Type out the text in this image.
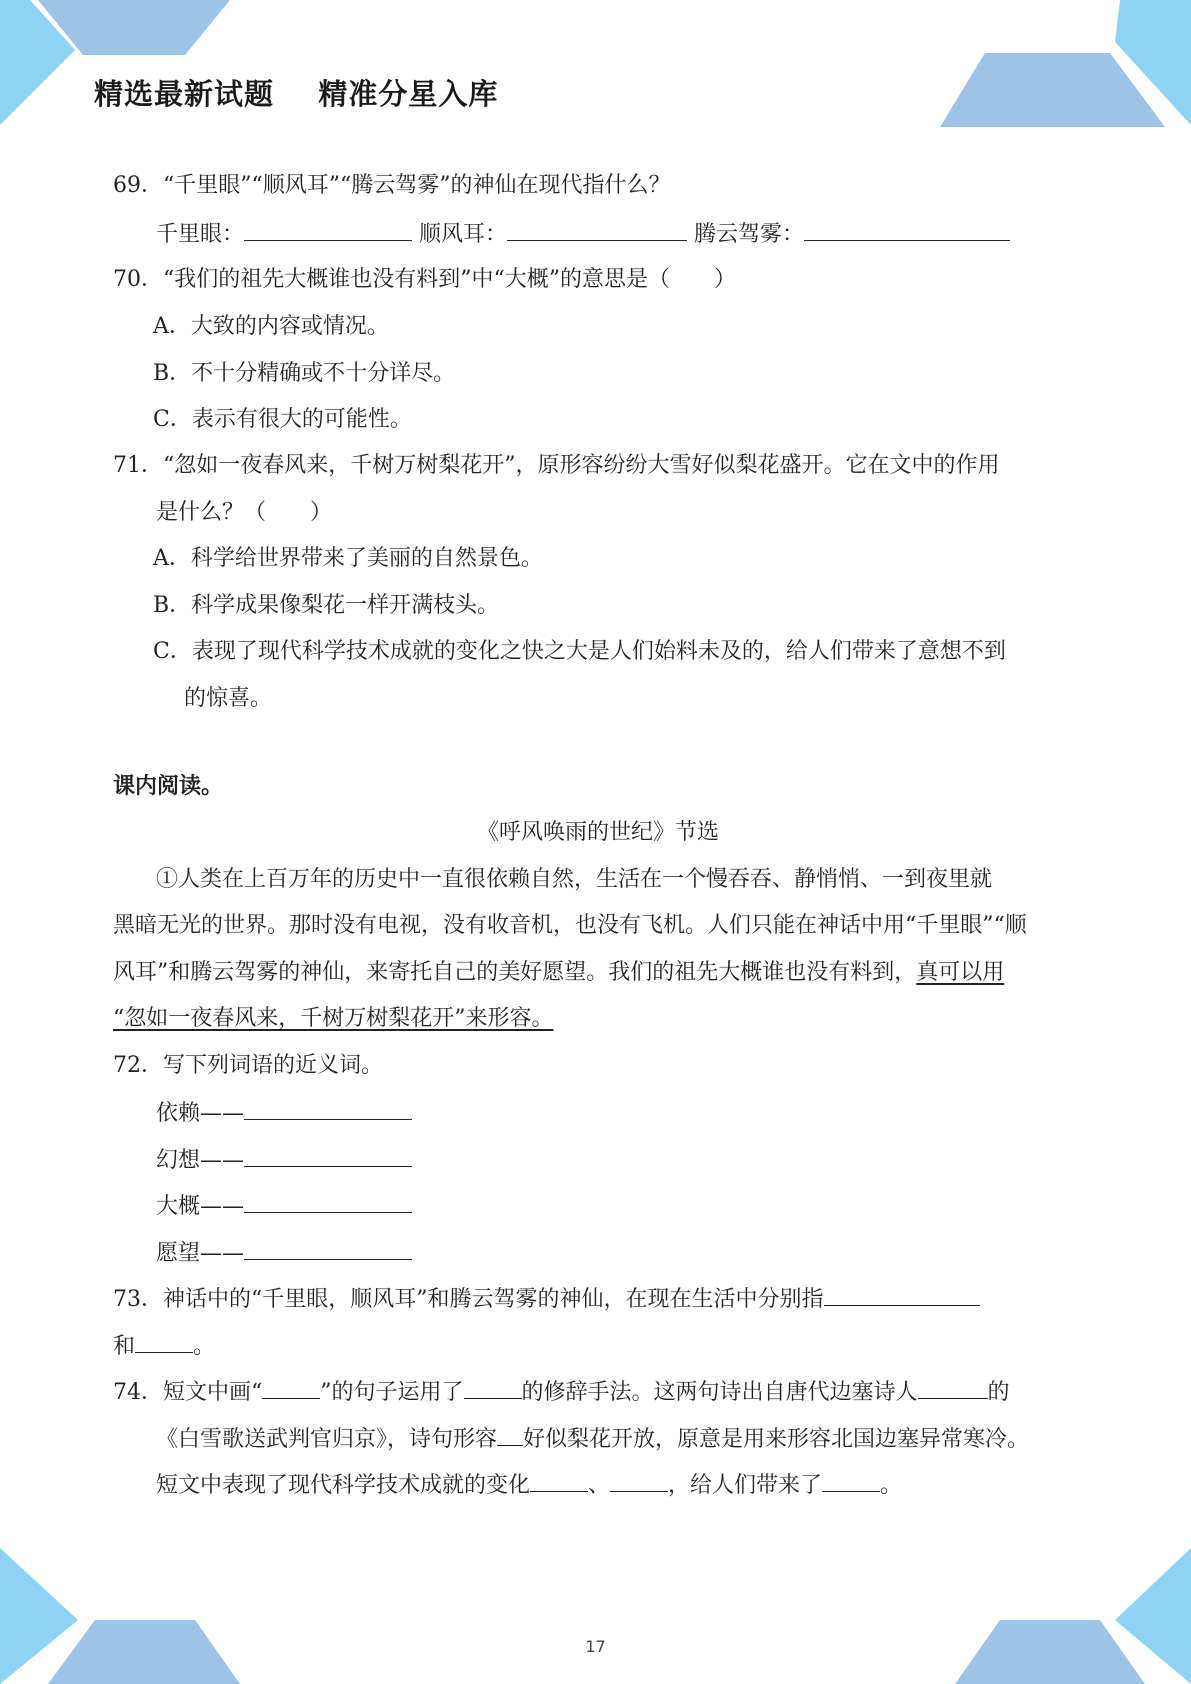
精选最新试题    精准分星入库
69．“千里眼”“顺风耳”“腾云驾雾”的神仙在现代指什么？
千里眼：	顺风耳：	腾云驾雾：
70．“我们的祖先大概谁也没有料到”中“大概”的意思是（　　）
A．大致的内容或情况。
B．不十分精确或不十分详尽。
C．表示有很大的可能性。
71．“忽如一夜春风来，千树万树梨花开”，原形容纷纷大雪好似梨花盛开。它在文中的作用
是什么？（　　）
A．科学给世界带来了美丽的自然景色。
B．科学成果像梨花一样开满枝头。
C．表现了现代科学技术成就的变化之快之大是人们始料未及的，给人们带来了意想不到
的惊喜。
课内阅读。
《呼风唤雨的世纪》节选
①人类在上百万年的历史中一直很依赖自然，生活在一个慢吞吞、静悄悄、一到夜里就
黑暗无光的世界。那时没有电视，没有收音机，也没有飞机。人们只能在神话中用“千里眼”“顺
风耳”和腾云驾雾的神仙，来寄托自己的美好愿望。我们的祖先大概谁也没有料到，真可以用
“忽如一夜春风来，千树万树梨花开”来形容。
72．写下列词语的近义词。
依赖——
幻想——
大概——
愿望——
73．神话中的“千里眼，顺风耳”和腾云驾雾的神仙，在现在生活中分别指
和	。
74．短文中画“	”的句子运用了	的修辞手法。这两句诗出自唐代边塞诗人	的
《白雪歌送武判官归京》，诗句形容 好似梨花开放，原意是用来形容北国边塞异常寒冷。
短文中表现了现代科学技术成就的变化	、	，给人们带来了	。
17
